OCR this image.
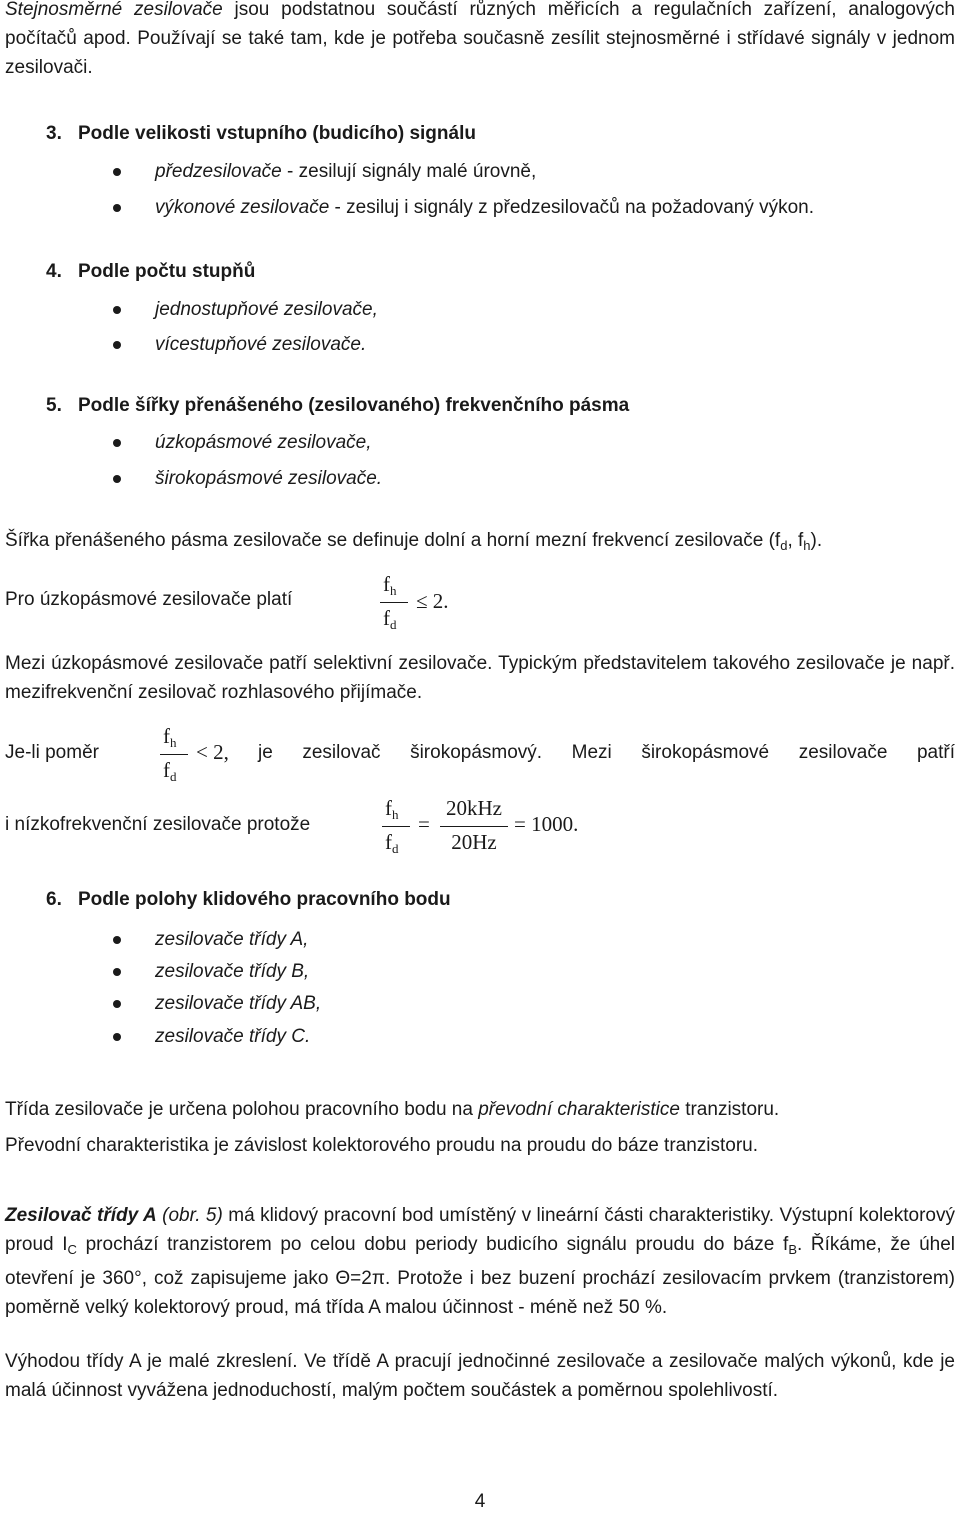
Stejnosměrné zesilovače jsou podstatnou součástí různých měřicích a regulačních zařízení, analogových počítačů apod. Používají se také tam, kde je potřeba současně zesílit stejnosměrné i střídavé signály v jednom zesilovači.
3. Podle velikosti vstupního (budicího) signálu
předzesilovače - zesilují signály malé úrovně,
výkonové zesilovače - zesiluj i signály z předzesilovačů na požadovaný výkon.
4. Podle počtu stupňů
jednostupňové zesilovače,
vícestupňové zesilovače.
5. Podle šířky přenášeného (zesilovaného) frekvenčního pásma
úzkopásmové zesilovače,
širokopásmové zesilovače.
Šířka přenášeného pásma zesilovače se definuje dolní a horní mezní frekvencí zesilovače ($f_d$, $f_h$).
Pro úzkopásmové zesilovače platí
$f_h$
$f_d$
≤ 2.
Mezi úzkopásmové zesilovače patří selektivní zesilovače. Typickým představitelem takového zesilovače je např. mezifrekvenční zesilovač rozhlasového přijímače.
Je-li poměr
$f_h$
$f_d$
< 2, je zesilovač širokopásmový. Mezi širokopásmové zesilovače patří
i nízkofrekvenční zesilovače protože
$f_h$
$f_d$
=
20kHz
20Hz
= 1000.
6. Podle polohy klidového pracovního bodu
zesilovače třídy A,
zesilovače třídy B,
zesilovače třídy AB,
zesilovače třídy C.
Třída zesilovače je určena polohou pracovního bodu na převodní charakteristice tranzistoru.
Převodní charakteristika je závislost kolektorového proudu na proudu do báze tranzistoru.
Zesilovač třídy A (obr. 5) má klidový pracovní bod umístěný v lineární části charakteristiky. Výstupní kolektorový proud $I_C$ prochází tranzistorem po celou dobu periody budicího signálu proudu do báze $f_B$. Říkáme, že úhel otevření je 360°, což zapisujeme jako Θ=2π. Protože i bez buzení prochází zesilovacím prvkem (tranzistorem) poměrně velký kolektorový proud, má třída A malou účinnost - méně než 50 %.
Výhodou třídy A je malé zkreslení. Ve třídě A pracují jednočinné zesilovače a zesilovače malých výkonů, kde je malá účinnost vyvážena jednoduchostí, malým počtem součástek a poměrnou spolehlivostí.
4
